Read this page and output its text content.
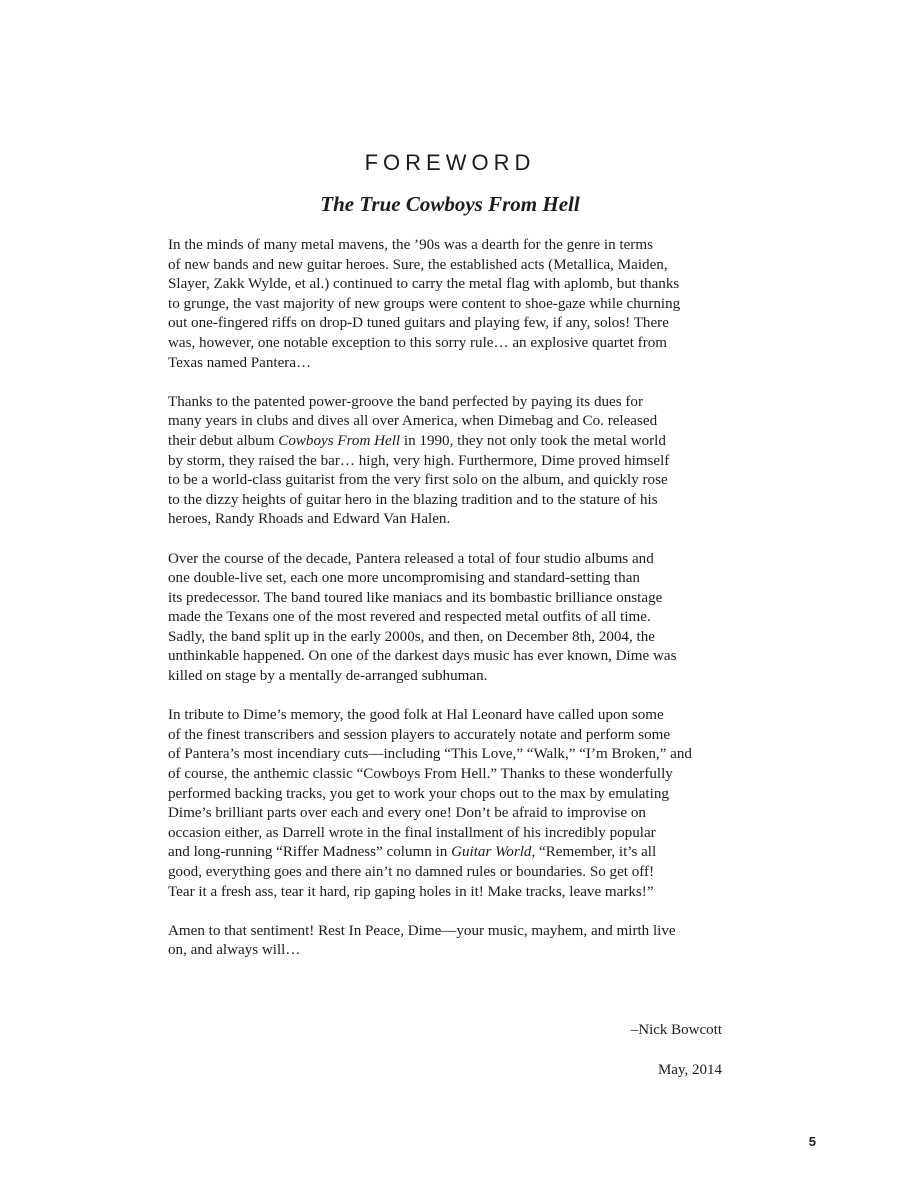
FOREWORD
The True Cowboys From Hell

In the minds of many metal mavens, the ’90s was a dearth for the genre in terms
of new bands and new guitar heroes. Sure, the established acts (Metallica, Maiden,
Slayer, Zakk Wylde, et al.) continued to carry the metal flag with aplomb, but thanks
to grunge, the vast majority of new groups were content to shoe-gaze while churning
out one-fingered riffs on drop-D tuned guitars and playing few, if any, solos! There
was, however, one notable exception to this sorry rule… an explosive quartet from
Texas named Pantera…

Thanks to the patented power-groove the band perfected by paying its dues for
many years in clubs and dives all over America, when Dimebag and Co. released
their debut album Cowboys From Hell in 1990, they not only took the metal world
by storm, they raised the bar… high, very high. Furthermore, Dime proved himself
to be a world-class guitarist from the very first solo on the album, and quickly rose
to the dizzy heights of guitar hero in the blazing tradition and to the stature of his
heroes, Randy Rhoads and Edward Van Halen.

Over the course of the decade, Pantera released a total of four studio albums and
one double-live set, each one more uncompromising and standard-setting than
its predecessor. The band toured like maniacs and its bombastic brilliance onstage
made the Texans one of the most revered and respected metal outfits of all time.
Sadly, the band split up in the early 2000s, and then, on December 8th, 2004, the
unthinkable happened. On one of the darkest days music has ever known, Dime was
killed on stage by a mentally de-arranged subhuman.

In tribute to Dime’s memory, the good folk at Hal Leonard have called upon some
of the finest transcribers and session players to accurately notate and perform some
of Pantera’s most incendiary cuts—including “This Love,” “Walk,” “I’m Broken,” and
of course, the anthemic classic “Cowboys From Hell.” Thanks to these wonderfully
performed backing tracks, you get to work your chops out to the max by emulating
Dime’s brilliant parts over each and every one! Don’t be afraid to improvise on
occasion either, as Darrell wrote in the final installment of his incredibly popular
and long-running “Riffer Madness” column in Guitar World, “Remember, it’s all
good, everything goes and there ain’t no damned rules or boundaries. So get off!
Tear it a fresh ass, tear it hard, rip gaping holes in it! Make tracks, leave marks!”

Amen to that sentiment! Rest In Peace, Dime—your music, mayhem, and mirth live
on, and always will…

–Nick Bowcott
May, 2014
5
